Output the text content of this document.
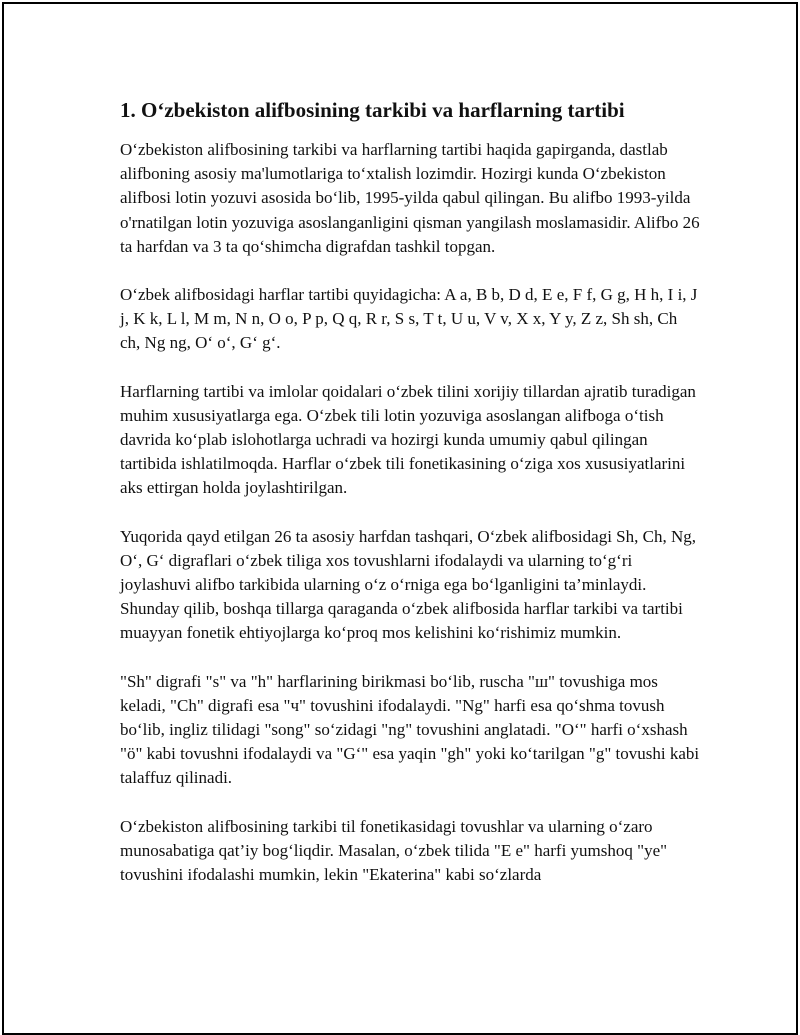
1. O‘zbekiston alifbosining tarkibi va harflarning tartibi

O‘zbekiston alifbosining tarkibi va harflarning tartibi haqida gapirganda, dastlab alifboning asosiy ma'lumotlariga to‘xtalish lozimdir. Hozirgi kunda O‘zbekiston alifbosi lotin yozuvi asosida bo‘lib, 1995-yilda qabul qilingan. Bu alifbo 1993-yilda o'rnatilgan lotin yozuviga asoslanganligini qisman yangilash moslamasidir. Alifbo 26 ta harfdan va 3 ta qo‘shimcha digrafdan tashkil topgan.

O‘zbek alifbosidagi harflar tartibi quyidagicha: A a, B b, D d, E e, F f, G g, H h, I i, J j, K k, L l, M m, N n, O o, P p, Q q, R r, S s, T t, U u, V v, X x, Y y, Z z, Sh sh, Ch ch, Ng ng, O‘ o‘, G‘ g‘.

Harflarning tartibi va imlolar qoidalari o‘zbek tilini xorijiy tillardan ajratib turadigan muhim xususiyatlarga ega. O‘zbek tili lotin yozuviga asoslangan alifboga o‘tish davrida ko‘plab islohotlarga uchradi va hozirgi kunda umumiy qabul qilingan tartibida ishlatilmoqda. Harflar o‘zbek tili fonetikasining o‘ziga xos xususiyatlarini aks ettirgan holda joylashtirilgan.

Yuqorida qayd etilgan 26 ta asosiy harfdan tashqari, O‘zbek alifbosidagi Sh, Ch, Ng, O‘, G‘ digraflari o‘zbek tiliga xos tovushlarni ifodalaydi va ularning to‘g‘ri joylashuvi alifbo tarkibida ularning o‘z o‘rniga ega bo‘lganligini ta’minlaydi. Shunday qilib, boshqa tillarga qaraganda o‘zbek alifbosida harflar tarkibi va tartibi muayyan fonetik ehtiyojlarga ko‘proq mos kelishini ko‘rishimiz mumkin.

"Sh" digrafi "s" va "h" harflarining birikmasi bo‘lib, ruscha "ш" tovushiga mos keladi, "Ch" digrafi esa "ч" tovushini ifodalaydi. "Ng" harfi esa qo‘shma tovush bo‘lib, ingliz tilidagi "song" so‘zidagi "ng" tovushini anglatadi. "O‘" harfi o‘xshash "ö" kabi tovushni ifodalaydi va "G‘" esa yaqin "gh" yoki ko‘tarilgan "g" tovushi kabi talaffuz qilinadi.

O‘zbekiston alifbosining tarkibi til fonetikasidagi tovushlar va ularning o‘zaro munosabatiga qat’iy bog‘liqdir. Masalan, o‘zbek tilida "E e" harfi yumshoq "ye" tovushini ifodalashi mumkin, lekin "Ekaterina" kabi so‘zlarda
